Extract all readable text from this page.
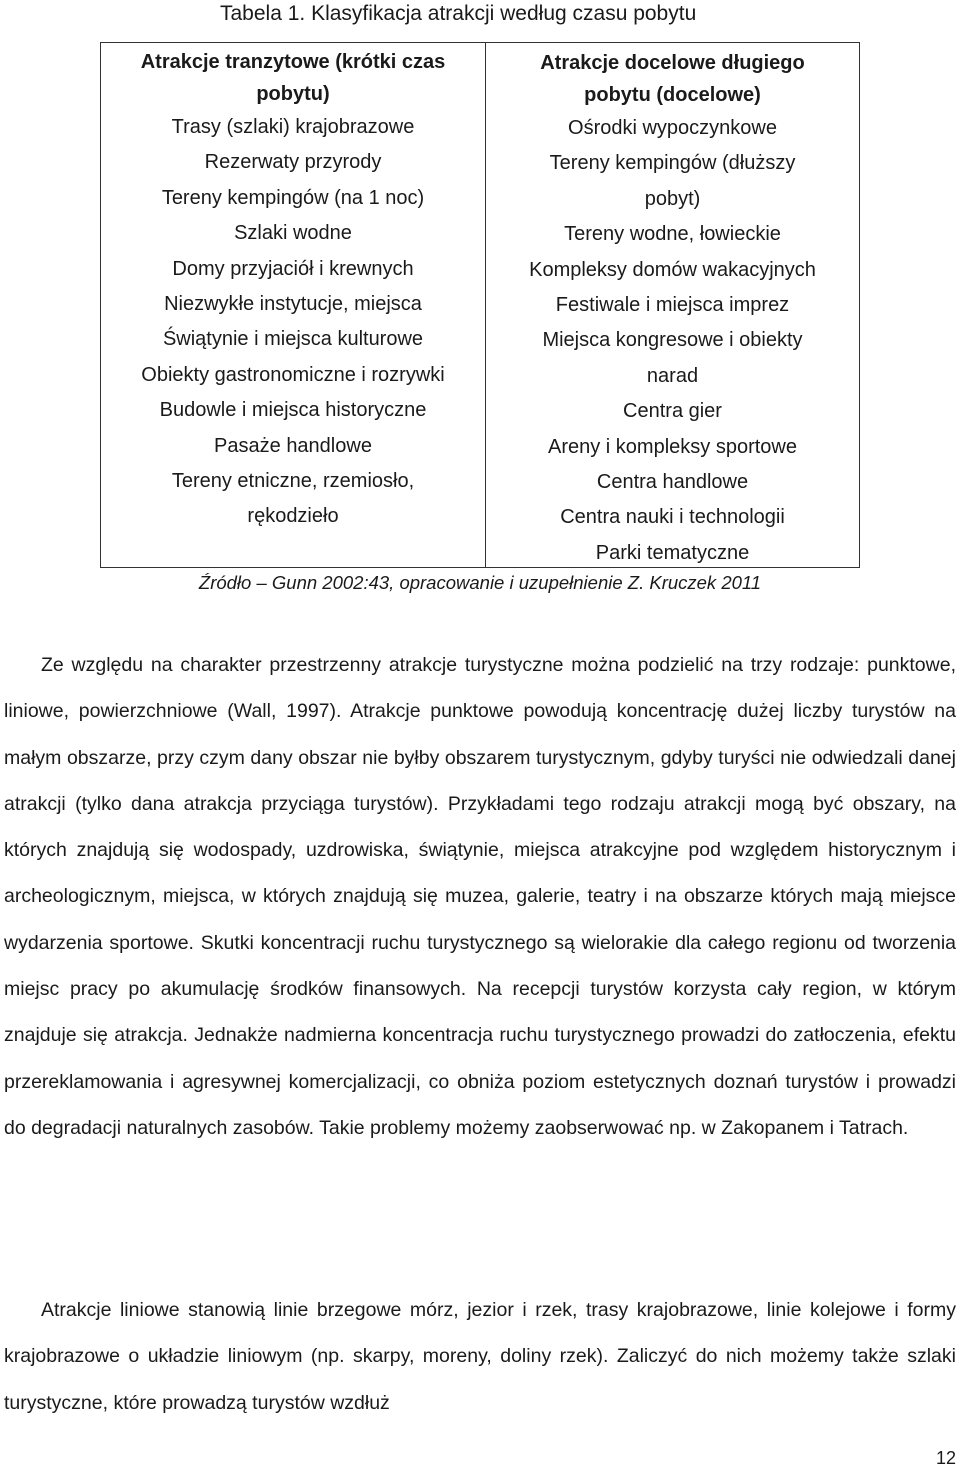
Tabela 1. Klasyfikacja atrakcji według czasu pobytu
Atrakcje tranzytowe (krótki czas pobytu)
Trasy (szlaki) krajobrazowe
Rezerwaty przyrody
Tereny kempingów (na 1 noc)
Szlaki wodne
Domy przyjaciół i krewnych
Niezwykłe instytucje, miejsca
Świątynie i miejsca kulturowe
Obiekty gastronomiczne i rozrywki
Budowle i miejsca historyczne
Pasaże handlowe
Tereny etniczne, rzemiosło, rękodzieło
Atrakcje docelowe długiego pobytu (docelowe)
Ośrodki wypoczynkowe
Tereny kempingów (dłuższy pobyt)
Tereny wodne, łowieckie
Kompleksy domów wakacyjnych
Festiwale i miejsca imprez
Miejsca kongresowe i obiekty narad
Centra gier
Areny i kompleksy sportowe
Centra handlowe
Centra nauki i technologii
Parki tematyczne
Źródło – Gunn 2002:43, opracowanie i uzupełnienie Z. Kruczek 2011

Ze względu na charakter przestrzenny atrakcje turystyczne można podzielić na trzy rodzaje: punktowe, liniowe, powierzchniowe (Wall, 1997). Atrakcje punktowe powodują koncentrację dużej liczby turystów na małym obszarze, przy czym dany obszar nie byłby obszarem turystycznym, gdyby turyści nie odwiedzali danej atrakcji (tylko dana atrakcja przyciąga turystów). Przykładami tego rodzaju atrakcji mogą być obszary, na których znajdują się wodospady, uzdrowiska, świątynie, miejsca atrakcyjne pod względem historycznym i archeologicznym, miejsca, w których znajdują się muzea, galerie, teatry i na obszarze których mają miejsce wydarzenia sportowe. Skutki koncentracji ruchu turystycznego są wielorakie dla całego regionu od tworzenia miejsc pracy po akumulację środków finansowych. Na recepcji turystów korzysta cały region, w którym znajduje się atrakcja. Jednakże nadmierna koncentracja ruchu turystycznego prowadzi do zatłoczenia, efektu przereklamowania i agresywnej komercjalizacji, co obniża poziom estetycznych doznań turystów i prowadzi do degradacji naturalnych zasobów. Takie problemy możemy zaobserwować np. w Zakopanem i Tatrach.

Atrakcje liniowe stanowią linie brzegowe mórz, jezior i rzek, trasy krajobrazowe, linie kolejowe i formy krajobrazowe o układzie liniowym (np. skarpy, moreny, doliny rzek). Zaliczyć do nich możemy także szlaki turystyczne, które prowadzą turystów wzdłuż

12
